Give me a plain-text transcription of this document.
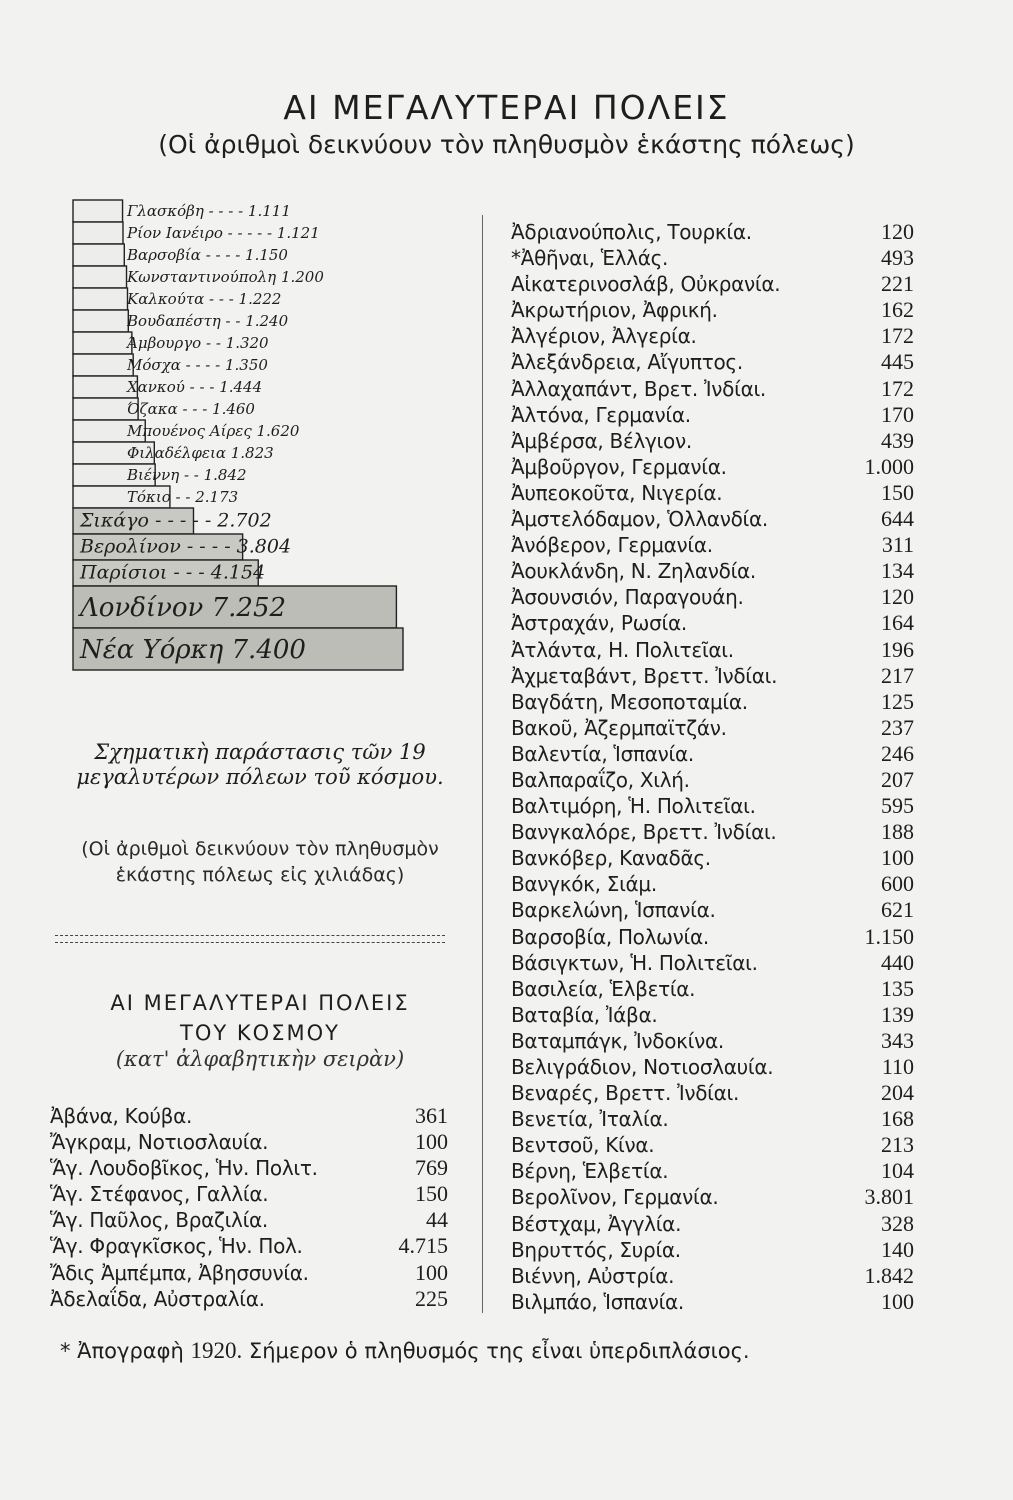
ΑΙ ΜΕΓΑΛΥΤΕΡΑΙ ΠΟΛΕΙΣ
(Οἱ ἀριθμοὶ δεικνύουν τὸν πληθυσμὸν ἑκάστης πόλεως)
Γλασκόβη - - - - 1.111
Ρίον Ιανέιρο - - - - - 1.121
Βαρσοβία - - - - 1.150
Κωνσταντινούπολη 1.200
Καλκούτα - - - 1.222
Βουδαπέστη - - 1.240
Άμβουργο - - 1.320
Μόσχα - - - - 1.350
Χανκού - - - 1.444
Όζακα - - - 1.460
Μπουένος Αίρες 1.620
Φιλαδέλφεια 1.823
Βιέννη - - 1.842
Τόκιο - - 2.173
Σικάγο - - - - - 2.702
Βερολίνον - - - - 3.804
Παρίσιοι - - - 4.154
Λονδίνον 7.252
Νέα Υόρκη 7.400
Σχηματικὴ παράστασις τῶν 19 μεγαλυτέρων πόλεων τοῦ κόσμου.
(Οἱ ἀριθμοὶ δεικνύουν τὸν πληθυσμὸν ἑκάστης πόλεως εἰς χιλιάδας)
ΑΙ ΜΕΓΑΛΥΤΕΡΑΙ ΠΟΛΕΙΣ
ΤΟΥ ΚΟΣΜΟΥ
(κατ' ἀλφαβητικὴν σειρὰν)
Ἀβάνα, Κούβα.	361
Ἄγκραμ, Νοτιοσλαυία.	100
Ἅγ. Λουδοβῖκος, Ἡν. Πολιτ.	769
Ἅγ. Στέφανος, Γαλλία.	150
Ἅγ. Παῦλος, Βραζιλία.	44
Ἅγ. Φραγκῖσκος, Ἡν. Πολ.	4.715
Ἄδις Ἀμπέμπα, Ἀβησσυνία.	100
Ἀδελαΐδα, Αὐστραλία.	225
Ἀδριανούπολις, Τουρκία.	120
*Ἀθῆναι, Ἑλλάς.	493
Αἰκατερινοσλάβ, Οὐκρανία.	221
Ἀκρωτήριον, Ἀφρική.	162
Ἀλγέριον, Ἀλγερία.	172
Ἀλεξάνδρεια, Αἴγυπτος.	445
Ἀλλαχαπάντ, Βρετ. Ἰνδίαι.	172
Ἀλτόνα, Γερμανία.	170
Ἀμβέρσα, Βέλγιον.	439
Ἀμβοῦργον, Γερμανία.	1.000
Ἀυπεοκοῦτα, Νιγερία.	150
Ἀμστελόδαμον, Ὁλλανδία.	644
Ἀνόβερον, Γερμανία.	311
Ἀουκλάνδη, Ν. Ζηλανδία.	134
Ἀσουνσιόν, Παραγουάη.	120
Ἀστραχάν, Ρωσία.	164
Ἀτλάντα, Η. Πολιτεῖαι.	196
Ἀχμεταβάντ, Βρεττ. Ἰνδίαι.	217
Βαγδάτη, Μεσοποταμία.	125
Βακοῦ, Ἀζερμπαϊτζάν.	237
Βαλεντία, Ἱσπανία.	246
Βαλπαραΐζο, Χιλή.	207
Βαλτιμόρη, Ἡ. Πολιτεῖαι.	595
Βανγκαλόρε, Βρεττ. Ἰνδίαι.	188
Βανκόβερ, Καναδᾶς.	100
Βανγκόκ, Σιάμ.	600
Βαρκελώνη, Ἱσπανία.	621
Βαρσοβία, Πολωνία.	1.150
Βάσιγκτων, Ἡ. Πολιτεῖαι.	440
Βασιλεία, Ἑλβετία.	135
Βαταβία, Ἰάβα.	139
Βαταμπάγκ, Ἰνδοκίνα.	343
Βελιγράδιον, Νοτιοσλαυία.	110
Βεναρές, Βρεττ. Ἰνδίαι.	204
Βενετία, Ἰταλία.	168
Βεντσοῦ, Κίνα.	213
Βέρνη, Ἑλβετία.	104
Βερολῖνον, Γερμανία.	3.801
Βέστχαμ, Ἀγγλία.	328
Βηρυττός, Συρία.	140
Βιέννη, Αὐστρία.	1.842
Βιλμπάο, Ἱσπανία.	100
* Ἀπογραφὴ 1920. Σήμερον ὁ πληθυσμός της εἶναι ὑπερδιπλάσιος.
